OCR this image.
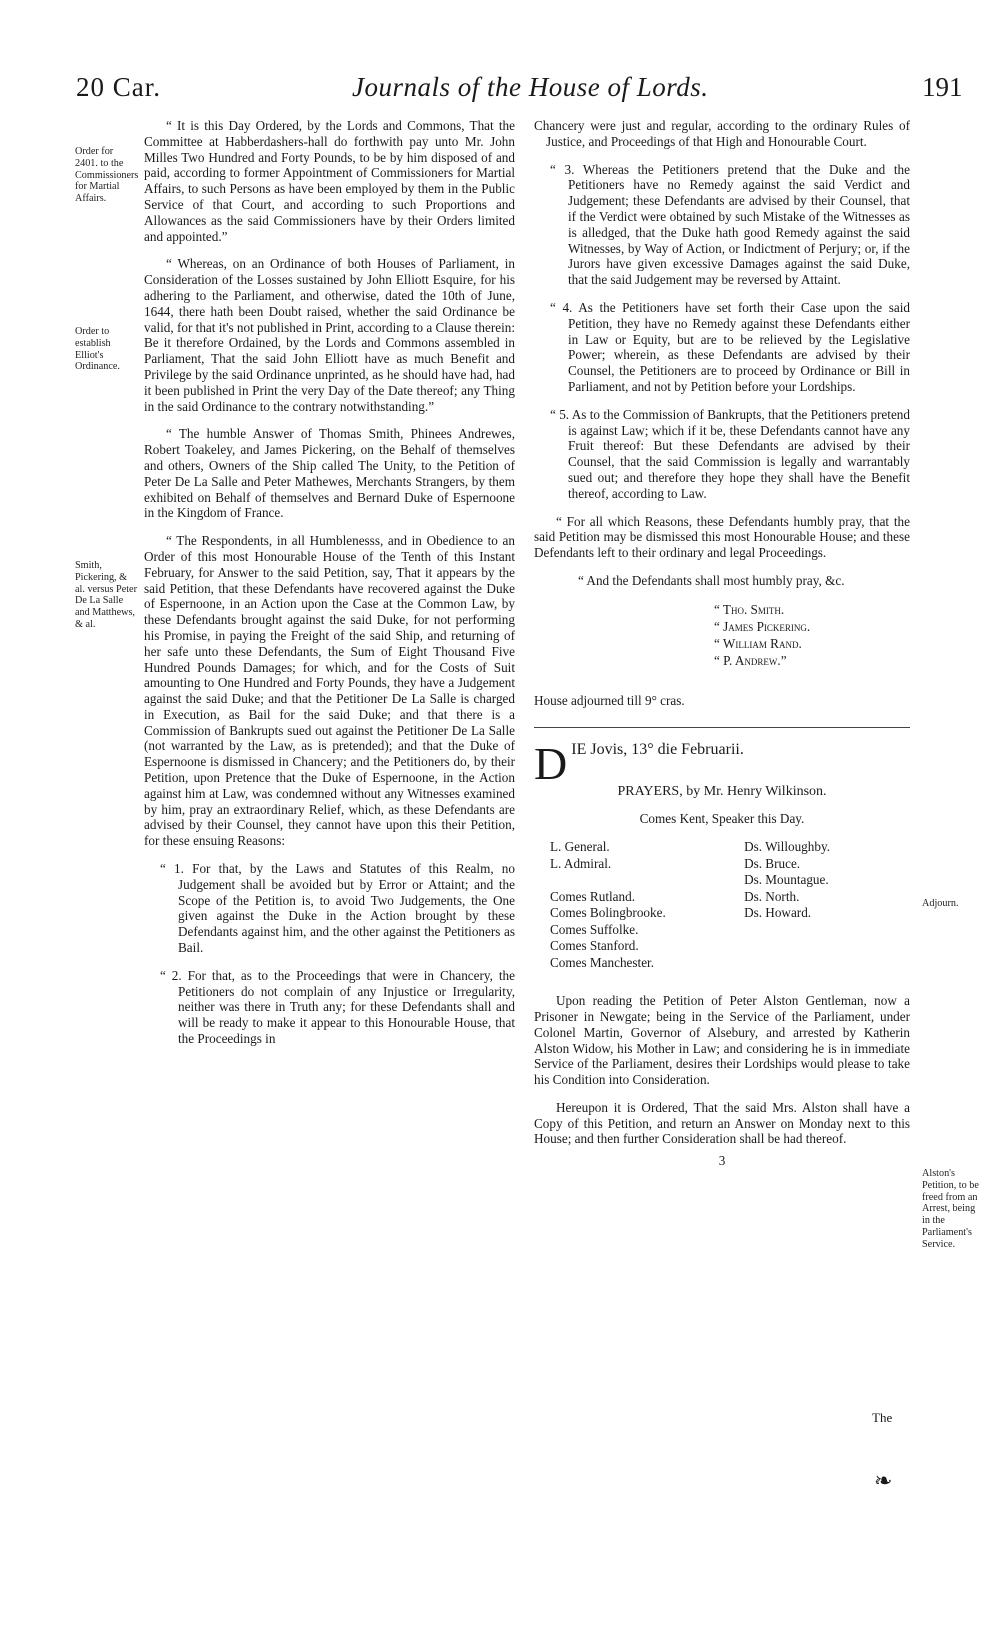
20 Car.	Journals of the House of Lords.	191
Order for 2401. to the Commissioners for Martial Affairs.
Order to establish Elliot's Ordinance.
Smith, Pickering, & al. versus Peter De La Salle and Matthews, & al.
Adjourn.
Alston's Petition, to be freed from an Arrest, being in the Parliament's Service.

“ It is this Day Ordered, by the Lords and Commons, That the Committee at Habberdashers-hall do forthwith pay unto Mr. John Milles Two Hundred and Forty Pounds, to be by him disposed of and paid, according to former Appointment of Commissioners for Martial Affairs, to such Persons as have been employed by them in the Public Service of that Court, and according to such Proportions and Allowances as the said Commissioners have by their Orders limited and appointed.”

“ Whereas, on an Ordinance of both Houses of Parliament, in Consideration of the Losses sustained by John Elliott Esquire, for his adhering to the Parliament, and otherwise, dated the 10th of June, 1644, there hath been Doubt raised, whether the said Ordinance be valid, for that it's not published in Print, according to a Clause therein: Be it therefore Ordained, by the Lords and Commons assembled in Parliament, That the said John Elliott have as much Benefit and Privilege by the said Ordinance unprinted, as he should have had, had it been published in Print the very Day of the Date thereof; any Thing in the said Ordinance to the contrary notwithstanding.”

“ The humble Answer of Thomas Smith, Phinees Andrewes, Robert Toakeley, and James Pickering, on the Behalf of themselves and others, Owners of the Ship called The Unity, to the Petition of Peter De La Salle and Peter Mathewes, Merchants Strangers, by them exhibited on Behalf of themselves and Bernard Duke of Espernoone in the Kingdom of France.

“ The Respondents, in all Humblenesss, and in Obedience to an Order of this most Honourable House of the Tenth of this Instant February, for Answer to the said Petition, say, That it appears by the said Petition, that these Defendants have recovered against the Duke of Espernoone, in an Action upon the Case at the Common Law, by these Defendants brought against the said Duke, for not performing his Promise, in paying the Freight of the said Ship, and returning of her safe unto these Defendants, the Sum of Eight Thousand Five Hundred Pounds Damages; for which, and for the Costs of Suit amounting to One Hundred and Forty Pounds, they have a Judgement against the said Duke; and that the Petitioner De La Salle is charged in Execution, as Bail for the said Duke; and that there is a Commission of Bankrupts sued out against the Petitioner De La Salle (not warranted by the Law, as is pretended); and that the Duke of Espernoone is dismissed in Chancery; and the Petitioners do, by their Petition, upon Pretence that the Duke of Espernoone, in the Action against him at Law, was condemned without any Witnesses examined by him, pray an extraordinary Relief, which, as these Defendants are advised by their Counsel, they cannot have upon this their Petition, for these ensuing Reasons:

“ 1. For that, by the Laws and Statutes of this Realm, no Judgement shall be avoided but by Error or Attaint; and the Scope of the Petition is, to avoid Two Judgements, the One given against the Duke in the Action brought by these Defendants against him, and the other against the Petitioners as Bail.

“ 2. For that, as to the Proceedings that were in Chancery, the Petitioners do not complain of any Injustice or Irregularity, neither was there in Truth any; for these Defendants shall and will be ready to make it appear to this Honourable House, that the Proceedings in

Chancery were just and regular, according to the ordinary Rules of Justice, and Proceedings of that High and Honourable Court.

“ 3. Whereas the Petitioners pretend that the Duke and the Petitioners have no Remedy against the said Verdict and Judgement; these Defendants are advised by their Counsel, that if the Verdict were obtained by such Mistake of the Witnesses as is alledged, that the Duke hath good Remedy against the said Witnesses, by Way of Action, or Indictment of Perjury; or, if the Jurors have given excessive Damages against the said Duke, that the said Judgement may be reversed by Attaint.

“ 4. As the Petitioners have set forth their Case upon the said Petition, they have no Remedy against these Defendants either in Law or Equity, but are to be relieved by the Legislative Power; wherein, as these Defendants are advised by their Counsel, the Petitioners are to proceed by Ordinance or Bill in Parliament, and not by Petition before your Lordships.

“ 5. As to the Commission of Bankrupts, that the Petitioners pretend is against Law; which if it be, these Defendants cannot have any Fruit thereof: But these Defendants are advised by their Counsel, that the said Commission is legally and warrantably sued out; and therefore they hope they shall have the Benefit thereof, according to Law.

“ For all which Reasons, these Defendants humbly pray, that the said Petition may be dismissed this most Honourable House; and these Defendants left to their ordinary and legal Proceedings.

“ And the Defendants shall most humbly pray, &c.

“ Tho. Smith.
“ James Pickering.
“ William Rand.
“ P. Andrew.”
House adjourned till 9° cras.
DIE Jovis, 13° die Februarii.

PRAYERS, by Mr. Henry Wilkinson.

Comes Kent, Speaker this Day.

L. General.
L. Admiral.

Comes Rutland.
Comes Bolingbrooke.
Comes Suffolke.
Comes Stanford.
Comes Manchester.
Ds. Willoughby.
Ds. Bruce.
Ds. Mountague.
Ds. North.
Ds. Howard.

Upon reading the Petition of Peter Alston Gentleman, now a Prisoner in Newgate; being in the Service of the Parliament, under Colonel Martin, Governor of Alsebury, and arrested by Katherin Alston Widow, his Mother in Law; and considering he is in immediate Service of the Parliament, desires their Lordships would please to take his Condition into Consideration.

Hereupon it is Ordered, That the said Mrs. Alston shall have a Copy of this Petition, and return an Answer on Monday next to this House; and then further Consideration shall be had thereof.

3
The
❧
